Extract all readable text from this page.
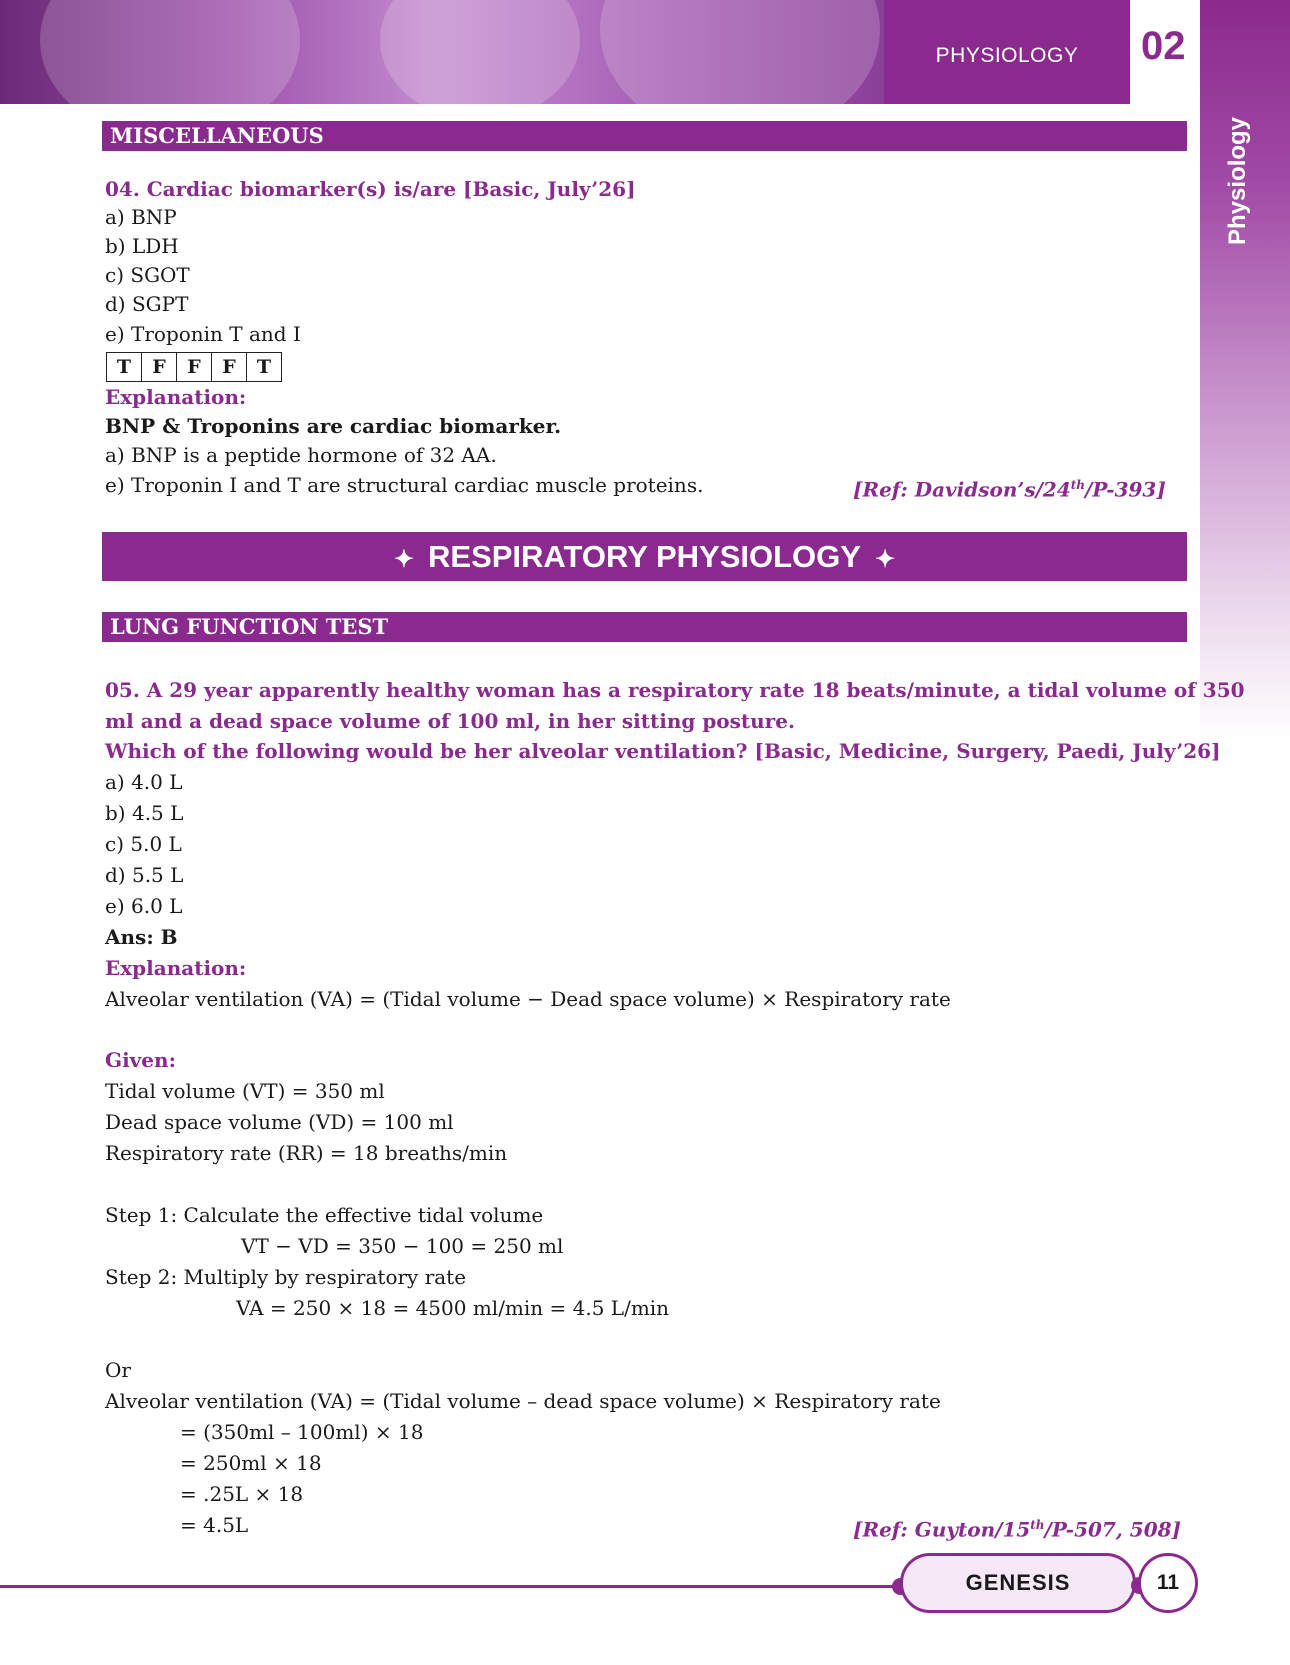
PHYSIOLOGY	02
Physiology
MISCELLANEOUS
04. Cardiac biomarker(s) is/are [Basic, July’26]
a) BNP
b) LDH
c) SGOT
d) SGPT
e) Troponin T and I
T	F	F	F	T
Explanation:
BNP & Troponins are cardiac biomarker.
a) BNP is a peptide hormone of 32 AA.
e) Troponin I and T are structural cardiac muscle proteins.	[Ref: Davidson’s/24th/P-393]
✦ RESPIRATORY PHYSIOLOGY ✦
LUNG FUNCTION TEST
05. A 29 year apparently healthy woman has a respiratory rate 18 beats/minute, a tidal volume of 350
ml and a dead space volume of 100 ml, in her sitting posture.
Which of the following would be her alveolar ventilation? [Basic, Medicine, Surgery, Paedi, July’26]
a) 4.0 L
b) 4.5 L
c) 5.0 L
d) 5.5 L
e) 6.0 L
Ans: B
Explanation:
Alveolar ventilation (VA) = (Tidal volume − Dead space volume) × Respiratory rate
Given:
Tidal volume (VT) = 350 ml
Dead space volume (VD) = 100 ml
Respiratory rate (RR) = 18 breaths/min
Step 1: Calculate the effective tidal volume
VT − VD = 350 − 100 = 250 ml
Step 2: Multiply by respiratory rate
VA = 250 × 18 = 4500 ml/min = 4.5 L/min
Or
Alveolar ventilation (VA) = (Tidal volume – dead space volume) × Respiratory rate
= (350ml – 100ml) × 18
= 250ml × 18
= .25L × 18
= 4.5L	[Ref: Guyton/15th/P-507, 508]
GENESIS	11
